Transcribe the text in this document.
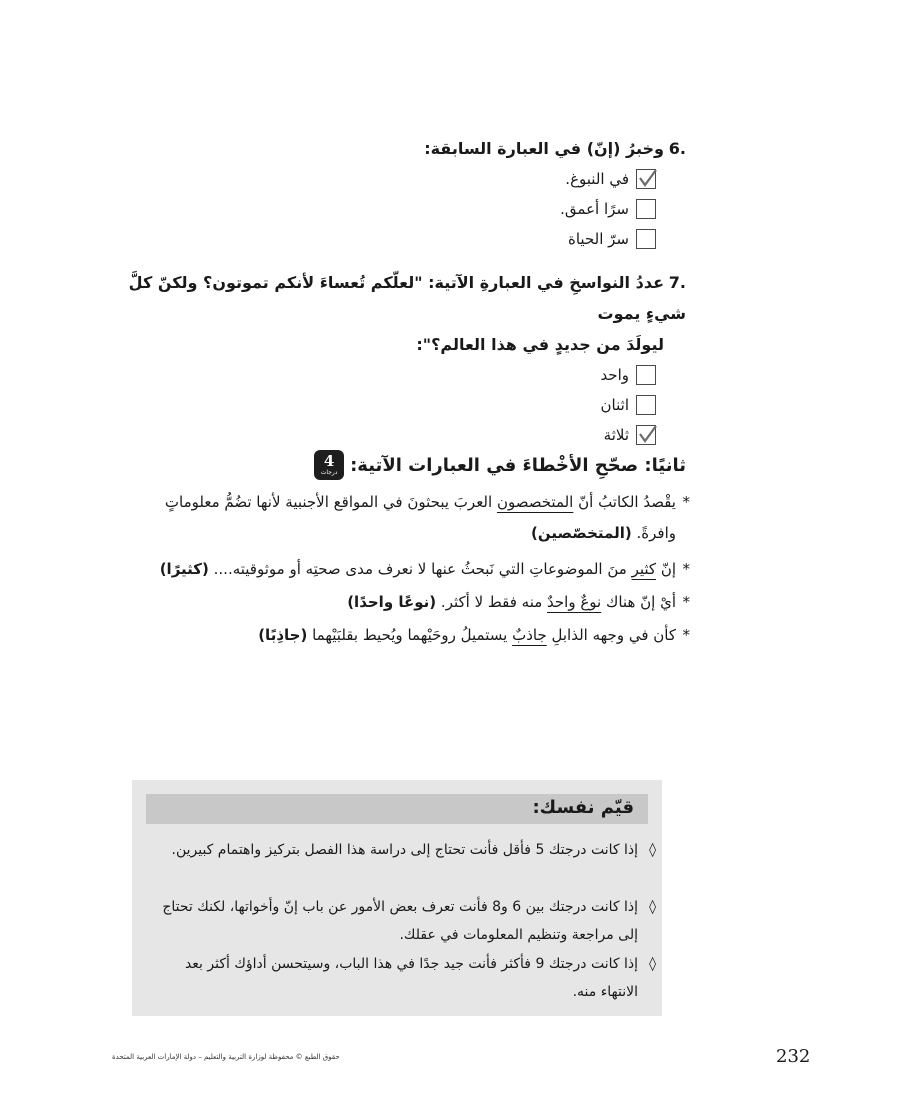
.6وخبرُ (إنّ) في العبارة السابقة:
في النبوغ.
سرًا أعمق.
سرّ الحياة
.7عددُ النواسخِ في العبارةِ الآتية: "لعلّكم تُعساءَ لأنكم تموتون؟ ولكنّ كلَّ شيءٍ يموت
ليولَدَ من جديدٍ في هذا العالم؟":
واحد
اثنان
ثلاثة
ثانيًا: صحّحِ الأخْطاءَ في العبارات الآتية:
4
درجات
*
يقْصدُ الكاتبُ أنّ المتخصصون العربَ يبحثونَ في المواقع الأجنبية لأنها تضُمُّ معلوماتٍ وافرةً. (المتخصّصين)
*
إنّ كثير منَ الموضوعاتِ التي نَبحثُ عنها لا نعرف مدى صحتِه أو موثوقيته.... (كثيرًا)
*
أيْ إنّ هناك نوعٌ واحدٌ منه فقط لا أكثر. (نوعًا واحدًا)
*
كأن في وجهه الذابلِ جاذبٌ يستميلُ روحَيْهما ويُحيط بقلبَيْهما (جاذِبًا)
قيّم نفسك:
◊
إذا كانت درجتك 5 فأقل فأنت تحتاج إلى دراسة هذا الفصل بتركيز واهتمام كبيرين.
◊
إذا كانت درجتك بين 6 و8 فأنت تعرف بعض الأمور عن باب إنّ وأخواتها، لكنك تحتاج إلى مراجعة وتنظيم المعلومات في عقلك.
◊
إذا كانت درجتك 9 فأكثر فأنت جيد جدًا في هذا الباب، وسيتحسن أداؤك أكثر بعد الانتهاء منه.
حقوق الطبع © محفوظة لوزارة التربية والتعليم – دولة الإمارات العربية المتحدة	232
